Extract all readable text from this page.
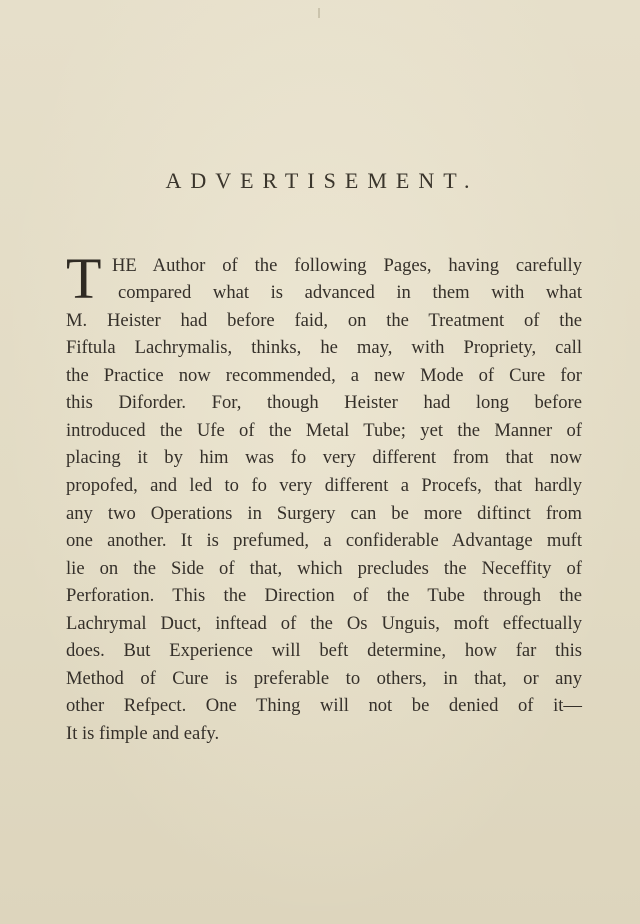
ADVERTISEMENT.
T HE Author of the following Pages, having carefully
compared what is advanced in them with what
M. Heister had before faid, on the Treatment of the
Fiftula Lachrymalis, thinks, he may, with Propriety, call
the Practice now recommended, a new Mode of Cure for
this Diforder. For, though Heister had long before
introduced the Ufe of the Metal Tube; yet the Manner of
placing it by him was fo very different from that now
propofed, and led to fo very different a Procefs, that hardly
any two Operations in Surgery can be more diftinct from
one another. It is prefumed, a confiderable Advantage muft
lie on the Side of that, which precludes the Neceffity of
Perforation. This the Direction of the Tube through the
Lachrymal Duct, inftead of the Os Unguis, moft effectually
does. But Experience will beft determine, how far this
Method of Cure is preferable to others, in that, or any
other Refpect. One Thing will not be denied of it—
It is fimple and eafy.
